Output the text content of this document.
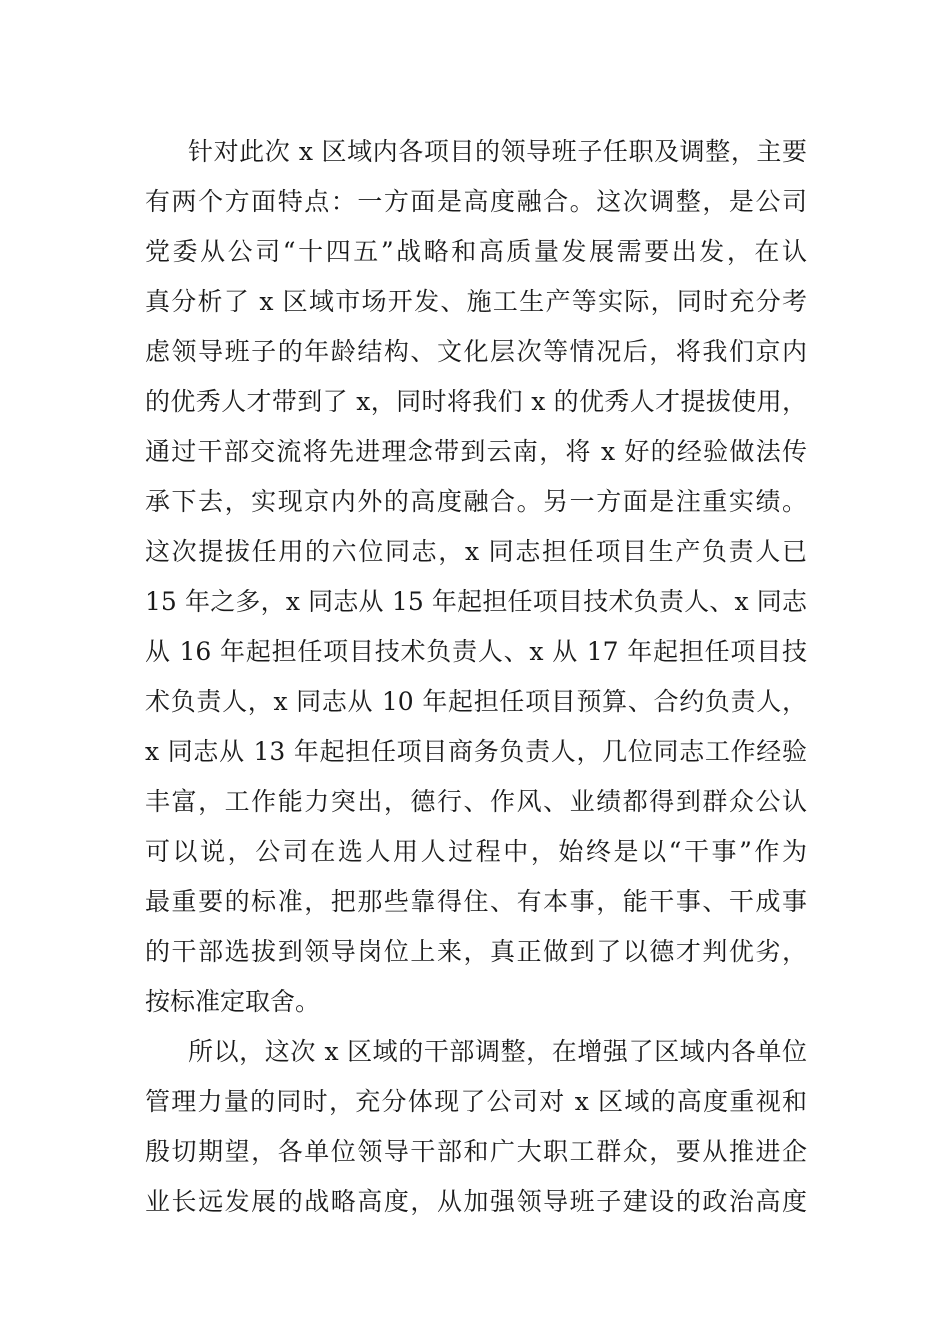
针对此次 x 区域内各项目的领导班子任职及调整，主要
有两个方面特点：一方面是高度融合。这次调整，是公司
党委从公司“十四五”战略和高质量发展需要出发，在认
真分析了 x 区域市场开发、施工生产等实际，同时充分考
虑领导班子的年龄结构、文化层次等情况后，将我们京内
的优秀人才带到了 x，同时将我们 x 的优秀人才提拔使用，
通过干部交流将先进理念带到云南，将 x 好的经验做法传
承下去，实现京内外的高度融合。另一方面是注重实绩。
这次提拔任用的六位同志，x 同志担任项目生产负责人已
15 年之多，x 同志从 15 年起担任项目技术负责人、x 同志
从 16 年起担任项目技术负责人、x 从 17 年起担任项目技
术负责人，x 同志从 10 年起担任项目预算、合约负责人，
x 同志从 13 年起担任项目商务负责人，几位同志工作经验
丰富，工作能力突出，德行、作风、业绩都得到群众公认
可以说，公司在选人用人过程中，始终是以“干事”作为
最重要的标准，把那些靠得住、有本事，能干事、干成事
的干部选拔到领导岗位上来，真正做到了以德才判优劣，
按标准定取舍。
所以，这次 x 区域的干部调整，在增强了区域内各单位
管理力量的同时，充分体现了公司对 x 区域的高度重视和
殷切期望，各单位领导干部和广大职工群众，要从推进企
业长远发展的战略高度，从加强领导班子建设的政治高度
